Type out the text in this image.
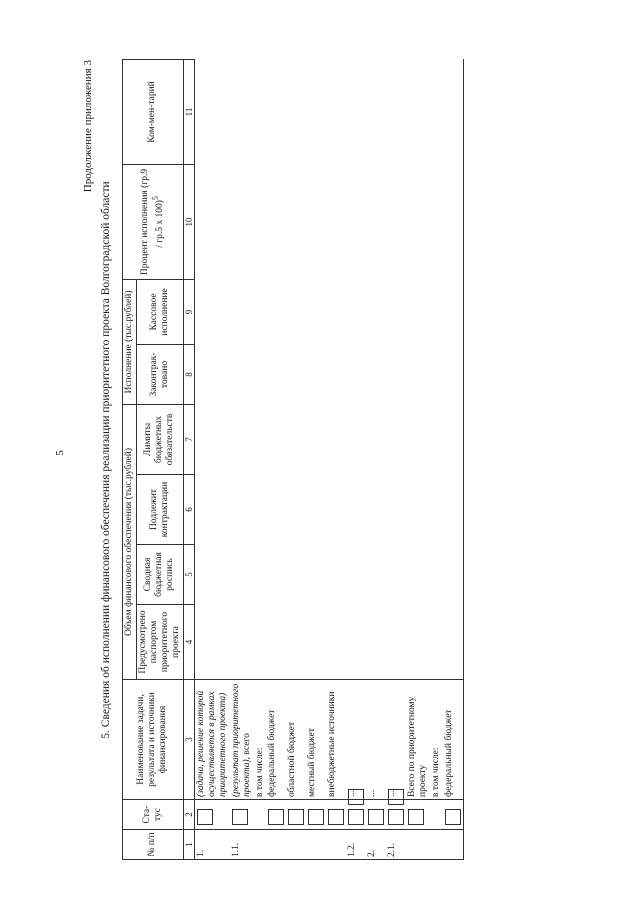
5
Продолжение приложения 3
5. Сведения об исполнении финансового обеспечения реализации приоритетного проекта Волгоградской области
№ п/п	Ста-тус	Наименование задачи, результата и источники финансирования	Объем финансового обеспечения (тыс.рублей)				Исполнение (тыс.рублей)		Процент исполнения (гр.9 / гр.5 x 100)$^5$	Ком-мен-тарий
			Предусмотрено паспортом приоритетного проекта	Сводная бюджетная роспись	Подлежит контрактации	Лимиты бюджетных обязательств	Законтрак-товано	Кассовое исполнение		
1	2	3	4	5	6	7	8	9	10	11
1.		(задача, решение которой осуществляется в рамках приоритетного проекта)								
1.1.		(результат приоритетного проекта), всего								
		в том числе:								
		федеральный бюджет								
		областной бюджет								
		местный бюджет								
		внебюджетные источники								
1.2.		...								
2.		...								
2.1.		...								
		Всего по приоритетному проекту								
		в том числе:								
		федеральный бюджет								
